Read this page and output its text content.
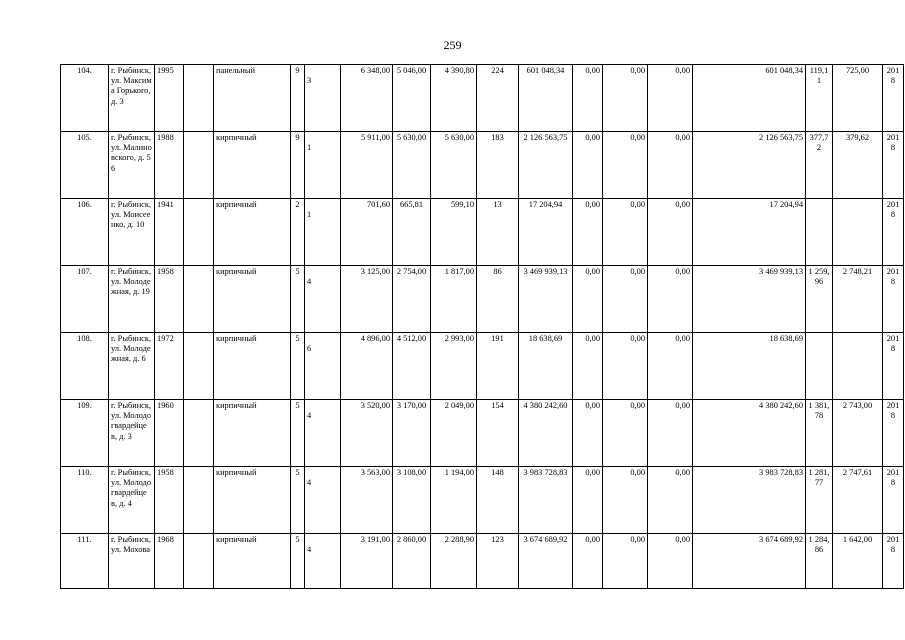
259
104.	г. Рыбинск, ул. Максима Горького, д. 3	1995		панельный	9	3	6 348,00	5 046,00	4 390,80	224	601 048,34	0,00	0,00	0,00	601 048,34	119,11	725,00	2018
105.	г. Рыбинск, ул. Малиновского, д. 56	1988		кирпичный	9	1	5 911,00	5 630,00	5 630,00	183	2 126 563,75	0,00	0,00	0,00	2 126 563,75	377,72	379,62	2018
106.	г. Рыбинск, ул. Моисеенко, д. 10	1941		кирпичный	2	1	701,60	665,81	599,10	13	17 204,94	0,00	0,00	0,00	17 204,94			2018
107.	г. Рыбинск, ул. Молодежная, д. 19	1958		кирпичный	5	4	3 125,00	2 754,00	1 817,00	86	3 469 939,13	0,00	0,00	0,00	3 469 939,13	1 259,96	2 748,21	2018
108.	г. Рыбинск, ул. Молодежная, д. 6	1972		кирпичный	5	6	4 896,00	4 512,00	2 993,00	191	18 638,69	0,00	0,00	0,00	18 638,69			2018
109.	г. Рыбинск, ул. Молодогвардейцев, д. 3	1960		кирпичный	5	4	3 520,00	3 170,00	2 049,00	154	4 380 242,60	0,00	0,00	0,00	4 380 242,60	1 381,78	2 743,00	2018
110.	г. Рыбинск, ул. Молодогвардейцев, д. 4	1958		кирпичный	5	4	3 563,00	3 108,00	1 194,00	148	3 983 728,83	0,00	0,00	0,00	3 983 728,83	1 281,77	2 747,61	2018
111.	г. Рыбинск, ул. Мохова	1968		кирпичный	5	4	3 191,00	2 860,00	2 288,90	123	3 674 689,92	0,00	0,00	0,00	3 674 689,92	1 284,86	1 642,00	2018
